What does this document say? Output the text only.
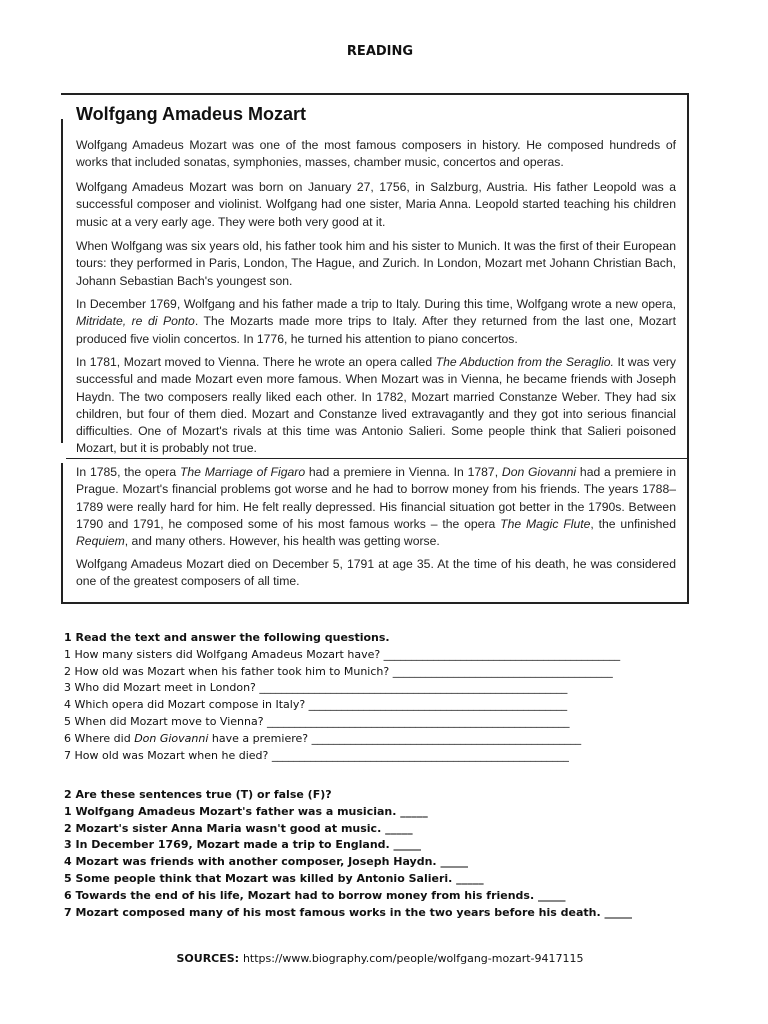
READING
Wolfgang Amadeus Mozart
Wolfgang Amadeus Mozart was one of the most famous composers in history. He composed hundreds of works that included sonatas, symphonies, masses, chamber music, concertos and operas.
Wolfgang Amadeus Mozart was born on January 27, 1756, in Salzburg, Austria. His father Leopold was a successful composer and violinist. Wolfgang had one sister, Maria Anna. Leopold started teaching his children music at a very early age. They were both very good at it.
When Wolfgang was six years old, his father took him and his sister to Munich. It was the first of their European tours: they performed in Paris, London, The Hague, and Zurich. In London, Mozart met Johann Christian Bach, Johann Sebastian Bach's youngest son.
In December 1769, Wolfgang and his father made a trip to Italy. During this time, Wolfgang wrote a new opera, Mitridate, re di Ponto. The Mozarts made more trips to Italy. After they returned from the last one, Mozart produced five violin concertos. In 1776, he turned his attention to piano concertos.
In 1781, Mozart moved to Vienna. There he wrote an opera called The Abduction from the Seraglio. It was very successful and made Mozart even more famous. When Mozart was in Vienna, he became friends with Joseph Haydn. The two composers really liked each other. In 1782, Mozart married Constanze Weber. They had six children, but four of them died. Mozart and Constanze lived extravagantly and they got into serious financial difficulties. One of Mozart's rivals at this time was Antonio Salieri. Some people think that Salieri poisoned Mozart, but it is probably not true.
In 1785, the opera The Marriage of Figaro had a premiere in Vienna. In 1787, Don Giovanni had a premiere in Prague. Mozart's financial problems got worse and he had to borrow money from his friends. The years 1788–1789 were really hard for him. He felt really depressed. His financial situation got better in the 1790s. Between 1790 and 1791, he composed some of his most famous works – the opera The Magic Flute, the unfinished Requiem, and many others. However, his health was getting worse.
Wolfgang Amadeus Mozart died on December 5, 1791 at age 35. At the time of his death, he was considered one of the greatest composers of all time.
1 Read the text and answer the following questions.
1 How many sisters did Wolfgang Amadeus Mozart have? ___________________________________________
2 How old was Mozart when his father took him to Munich? ________________________________________
3 Who did Mozart meet in London? ________________________________________________________
4 Which opera did Mozart compose in Italy? _______________________________________________
5 When did Mozart move to Vienna? _______________________________________________________
6 Where did Don Giovanni have a premiere? _________________________________________________
7 How old was Mozart when he died? ______________________________________________________
2 Are these sentences true (T) or false (F)?
1 Wolfgang Amadeus Mozart's father was a musician. _____
2 Mozart's sister Anna Maria wasn't good at music. _____
3 In December 1769, Mozart made a trip to England. _____
4 Mozart was friends with another composer, Joseph Haydn. _____
5 Some people think that Mozart was killed by Antonio Salieri. _____
6 Towards the end of his life, Mozart had to borrow money from his friends. _____
7 Mozart composed many of his most famous works in the two years before his death. _____
SOURCES: https://www.biography.com/people/wolfgang-mozart-9417115
